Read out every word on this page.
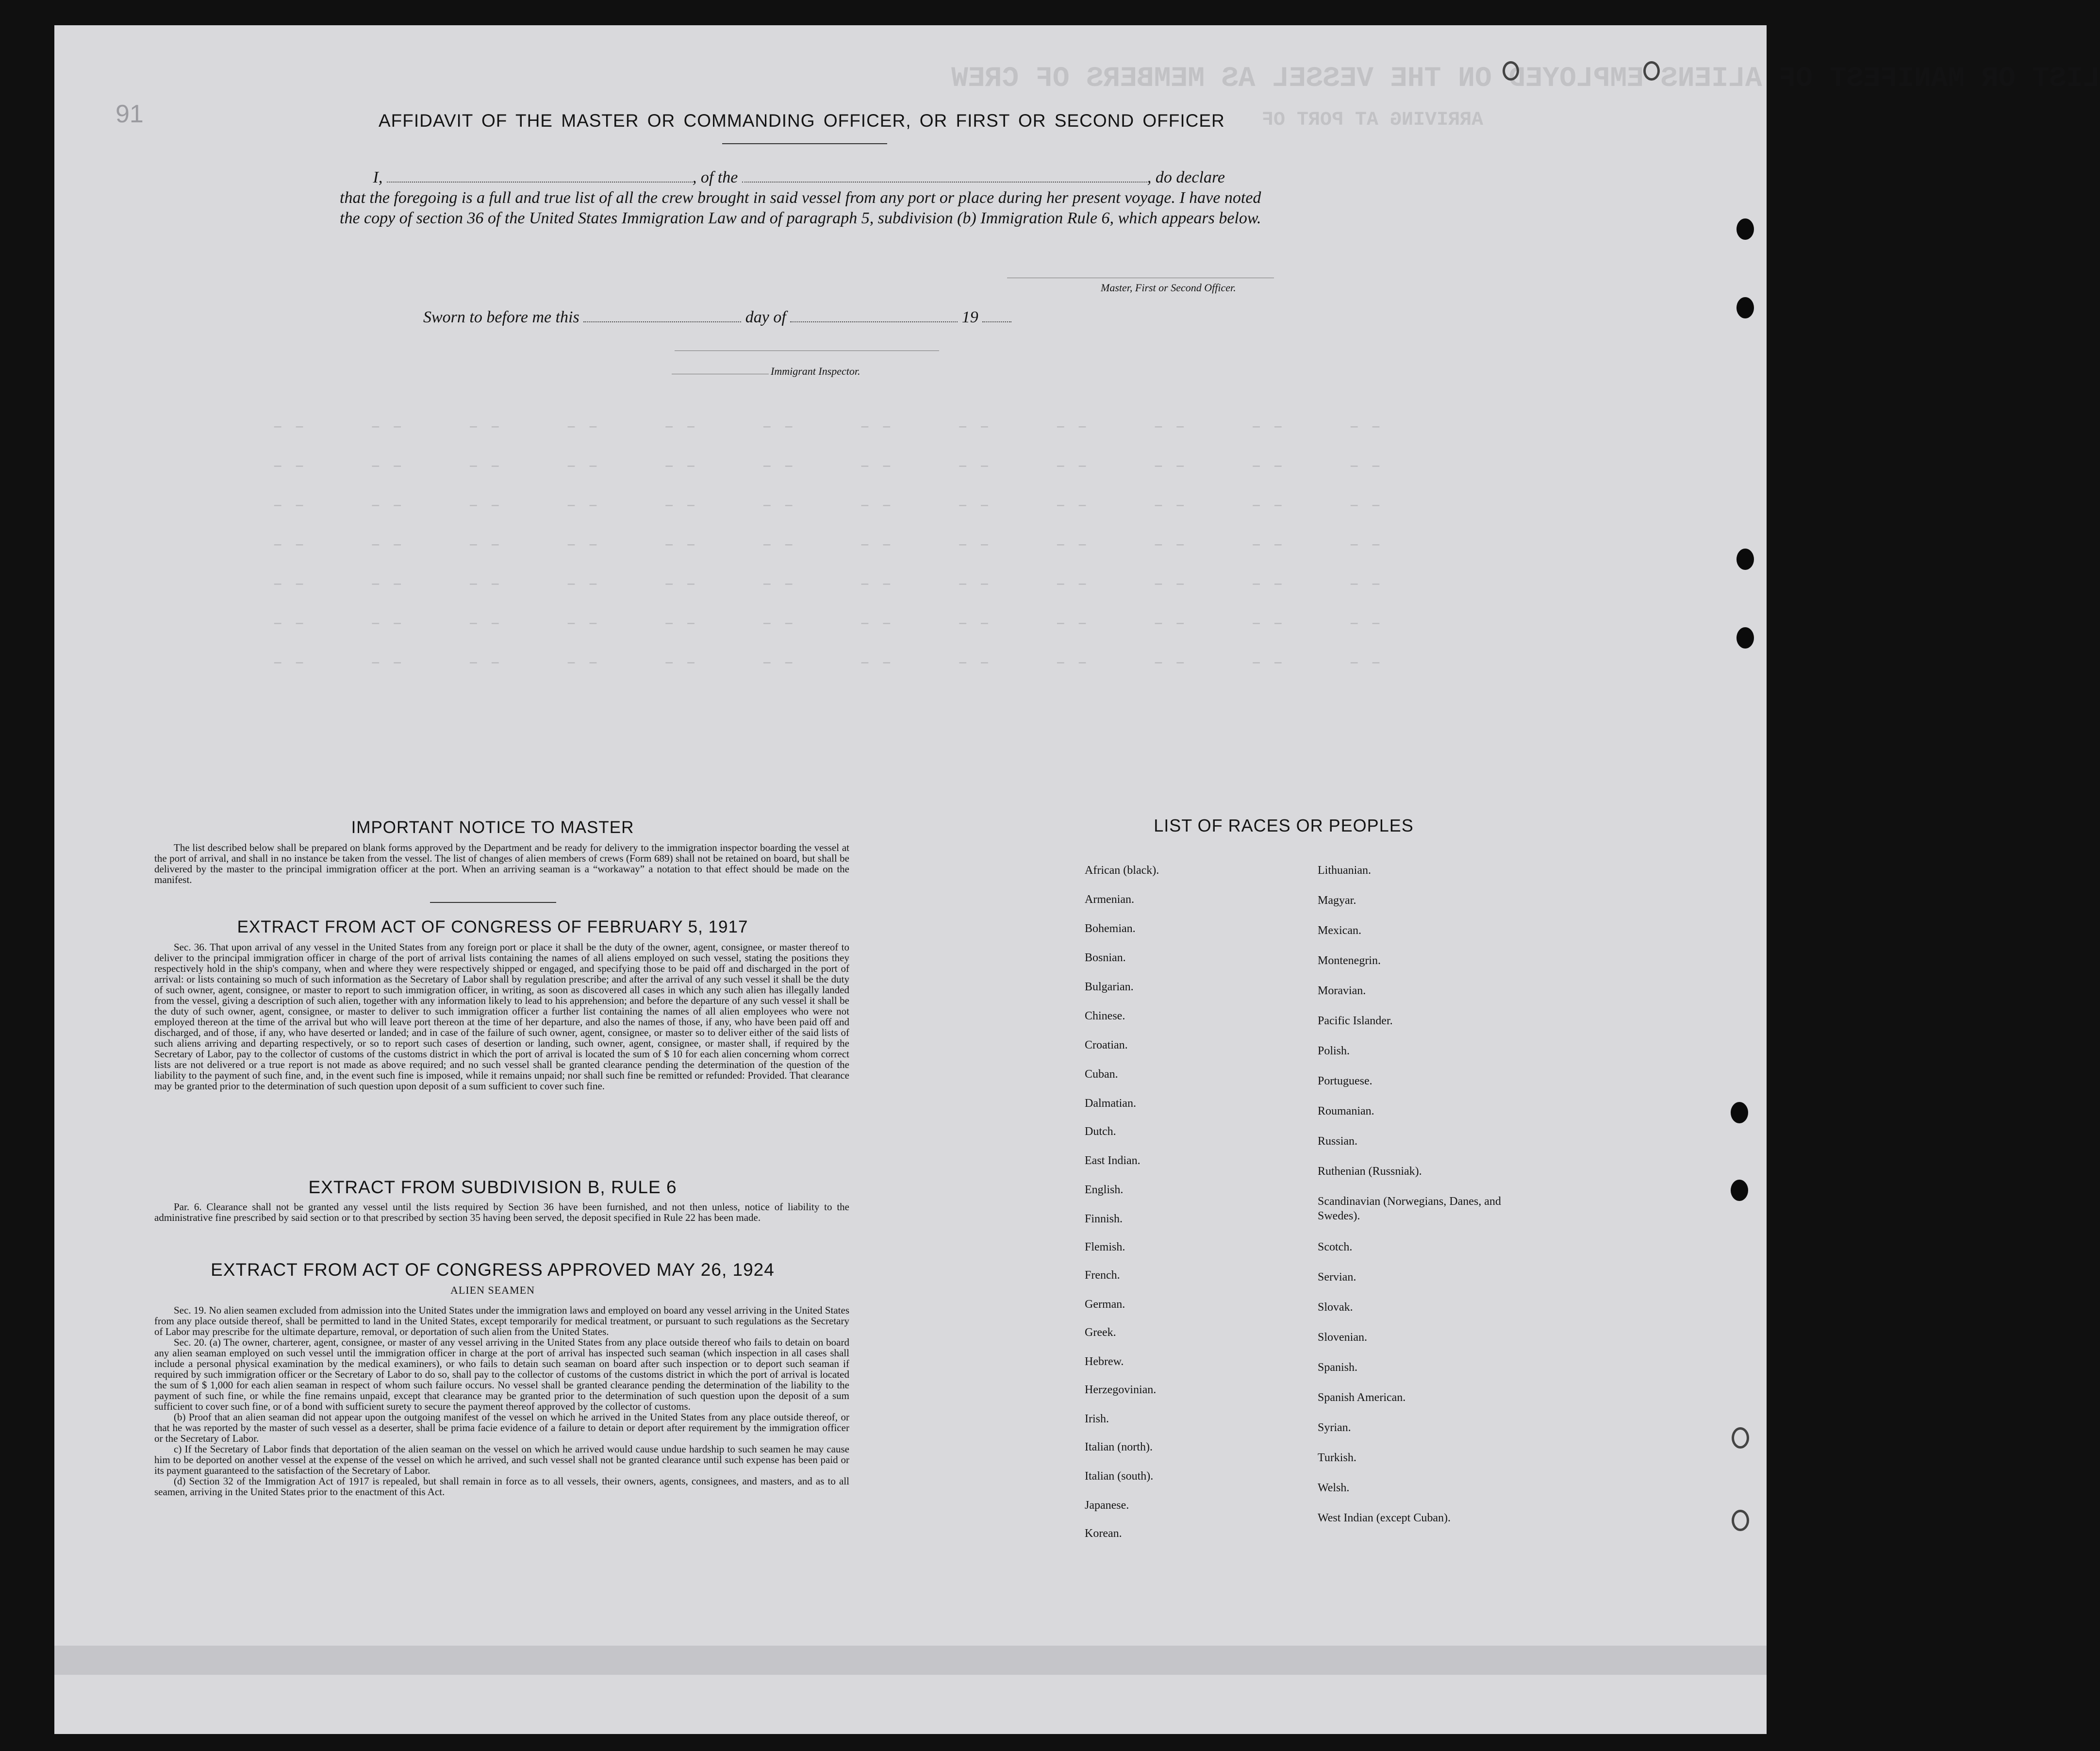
LIST OR MANIFEST OF ALIENS EMPLOYED ON THE VESSEL AS MEMBERS OF CREW
ARRIVING AT PORT OF
– –      – –      – –      – –      – –      – –      – –      – –      – –      – –      – –      – –
– –      – –      – –      – –      – –      – –      – –      – –      – –      – –      – –      – –
– –      – –      – –      – –      – –      – –      – –      – –      – –      – –      – –      – –
– –      – –      – –      – –      – –      – –      – –      – –      – –      – –      – –      – –
– –      – –      – –      – –      – –      – –      – –      – –      – –      – –      – –      – –
– –      – –      – –      – –      – –      – –      – –      – –      – –      – –      – –      – –
– –      – –      – –      – –      – –      – –      – –      – –      – –      – –      – –      – –
91	AFFIDAVIT OF THE MASTER OR COMMANDING OFFICER, OR FIRST OR SECOND OFFICER
I,	, of the	, do declare
that the foregoing is a full and true list of all the crew brought in said vessel from any port or place during her present voyage. I have noted the copy of section 36 of the United States Immigration Law and of paragraph 5, subdivision (b) Immigration Rule 6, which appears below.
Master, First or Second Officer.
Sworn to before me this	day of	19
Immigrant Inspector.
IMPORTANT NOTICE TO MASTER

The list described below shall be prepared on blank forms approved by the Department and be ready for delivery to the immigration inspector boarding the vessel at the port of arrival, and shall in no instance be taken from the vessel. The list of changes of alien members of crews (Form 689) shall not be retained on board, but shall be delivered by the master to the principal immigration officer at the port. When an arriving seaman is a “workaway” a notation to that effect should be made on the manifest.

EXTRACT FROM ACT OF CONGRESS OF FEBRUARY 5, 1917

Sec. 36. That upon arrival of any vessel in the United States from any foreign port or place it shall be the duty of the owner, agent, consignee, or master thereof to deliver to the principal immigration officer in charge of the port of arrival lists containing the names of all aliens employed on such vessel, stating the positions they respectively hold in the ship's company, when and where they were respectively shipped or engaged, and specifying those to be paid off and discharged in the port of arrival: or lists containing so much of such information as the Secretary of Labor shall by regulation prescribe; and after the arrival of any such vessel it shall be the duty of such owner, agent, consignee, or master to report to such immigration officer, in writing, as soon as discovered all cases in which any such alien has illegally landed from the vessel, giving a description of such alien, together with any information likely to lead to his apprehension; and before the departure of any such vessel it shall be the duty of such owner, agent, consignee, or master to deliver to such immigration officer a further list containing the names of all alien employees who were not employed thereon at the time of the arrival but who will leave port thereon at the time of her departure, and also the names of those, if any, who have been paid off and discharged, and of those, if any, who have deserted or landed; and in case of the failure of such owner, agent, consignee, or master so to deliver either of the said lists of such aliens arriving and departing respectively, or so to report such cases of desertion or landing, such owner, agent, consignee, or master shall, if required by the Secretary of Labor, pay to the collector of customs of the customs district in which the port of arrival is located the sum of $ 10 for each alien concerning whom correct lists are not delivered or a true report is not made as above required; and no such vessel shall be granted clearance pending the determination of the question of the liability to the payment of such fine, and, in the event such fine is imposed, while it remains unpaid; nor shall such fine be remitted or refunded: Provided. That clearance may be granted prior to the determination of such question upon deposit of a sum sufficient to cover such fine.

EXTRACT FROM SUBDIVISION B, RULE 6

Par. 6. Clearance shall not be granted any vessel until the lists required by Section 36 have been furnished, and not then unless, notice of liability to the administrative fine prescribed by said section or to that prescribed by section 35 having been served, the deposit specified in Rule 22 has been made.

EXTRACT FROM ACT OF CONGRESS APPROVED MAY 26, 1924
ALIEN SEAMEN

Sec. 19. No alien seamen excluded from admission into the United States under the immigration laws and employed on board any vessel arriving in the United States from any place outside thereof, shall be permitted to land in the United States, except temporarily for medical treatment, or pursuant to such regulations as the Secretary of Labor may prescribe for the ultimate departure, removal, or deportation of such alien from the United States.

Sec. 20. (a) The owner, charterer, agent, consignee, or master of any vessel arriving in the United States from any place outside thereof who fails to detain on board any alien seaman employed on such vessel until the immigration officer in charge at the port of arrival has inspected such seaman (which inspection in all cases shall include a personal physical examination by the medical examiners), or who fails to detain such seaman on board after such inspection or to deport such seaman if required by such immigration officer or the Secretary of Labor to do so, shall pay to the collector of customs of the customs district in which the port of arrival is located the sum of $ 1,000 for each alien seaman in respect of whom such failure occurs. No vessel shall be granted clearance pending the determination of the liability to the payment of such fine, or while the fine remains unpaid, except that clearance may be granted prior to the determination of such question upon the deposit of a sum sufficient to cover such fine, or of a bond with sufficient surety to secure the payment thereof approved by the collector of customs.

(b) Proof that an alien seaman did not appear upon the outgoing manifest of the vessel on which he arrived in the United States from any place outside thereof, or that he was reported by the master of such vessel as a deserter, shall be prima facie evidence of a failure to detain or deport after requirement by the immigration officer or the Secretary of Labor.

c) If the Secretary of Labor finds that deportation of the alien seaman on the vessel on which he arrived would cause undue hardship to such seamen he may cause him to be deported on another vessel at the expense of the vessel on which he arrived, and such vessel shall not be granted clearance until such expense has been paid or its payment guaranteed to the satisfaction of the Secretary of Labor.

(d) Section 32 of the Immigration Act of 1917 is repealed, but shall remain in force as to all vessels, their owners, agents, consignees, and masters, and as to all seamen, arriving in the United States prior to the enactment of this Act.

LIST OF RACES OR PEOPLES
African (black).
Armenian.
Bohemian.
Bosnian.
Bulgarian.
Chinese.
Croatian.
Cuban.
Dalmatian.
Dutch.
East Indian.
English.
Finnish.
Flemish.
French.
German.
Greek.
Hebrew.
Herzegovinian.
Irish.
Italian (north).
Italian (south).
Japanese.
Korean.
Lithuanian.
Magyar.
Mexican.
Montenegrin.
Moravian.
Pacific Islander.
Polish.
Portuguese.
Roumanian.
Russian.
Ruthenian (Russniak).
Scandinavian (Norwegians, Danes, and Swedes).
Scotch.
Servian.
Slovak.
Slovenian.
Spanish.
Spanish American.
Syrian.
Turkish.
Welsh.
West Indian (except Cuban).
